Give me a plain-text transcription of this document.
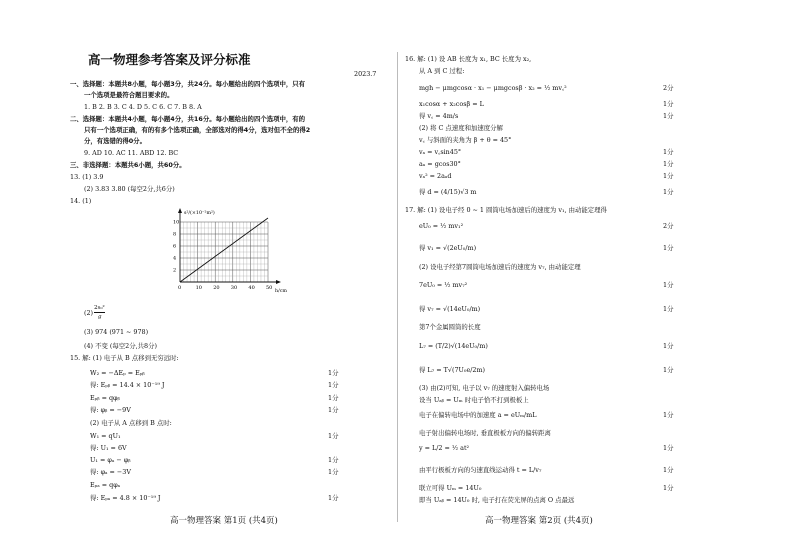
高一物理参考答案及评分标准
2023.7
一、选择题：本题共8小题，每小题3分，共24分。每小题给出的四个选项中，只有
一个选项是最符合题目要求的。
1. B 2. B 3. C 4. D 5. C 6. C 7. B 8. A
二、选择题：本题共4小题，每小题4分，共16分。每小题给出的四个选项中，有的
只有一个选项正确，有的有多个选项正确，全部选对的得4分，选对但不全的得2
分，有选错的得0分。
9. AD 10. AC 11. ABD 12. BC
三、非选择题：本题共6小题，共60分。
13. (1) 3.9
(2) 3.83 3.80 (每空2分,共6分)
14. (1)
(2)
2s₀²
g
(3) 974 (971 ~ 978)
(4) 不变 (每空2分,共8分)
15. 解: (1) 电子从 B 点移到无穷远时:
W₂ = −ΔEₚ = Eₚᵦ	1分
得: Eₚᵦ = 14.4 × 10⁻¹⁹ J	1分
Eₚᵦ = qφᵦ	1分
得: φᵦ = −9V	1分
(2) 电子从 A 点移到 B 点时:
W₁ = qU₁	1分
得: U₁ = 6V
U₁ = φₐ − φᵦ	1分
得: φₐ = −3V	1分
Eₚₐ = qφₐ
得: Eₚₐ = 4.8 × 10⁻¹⁹ J	1分
高一物理答案 第1页 (共4页)
s²/(×10⁻²m²)
h/cm
0	10 20 30 40 50
2
4
6
8
10
16. 解: (1) 设 AB 长度为 x₁, BC 长度为 x₂,
从 A 到 C 过程:
mgh − μmgcosα · x₁ − μmgcosβ · x₂ = ½ mv꜀²	2分
x₁cosα + x₂cosβ = L	1分
得 v꜀ = 4m/s	1分
(2) 将 C 点速度和加速度分解
v꜀ 与斜面的夹角为 β + θ = 45°
vₐ = v꜀sin45°	1分
aₐ = gcos30°	1分
vₐ² = 2aₐd	1分
得 d = (4/15)√3 m	1分
17. 解: (1) 设电子经 0 ~ 1 圆筒电场加速后的速度为 v₁, 由动能定理得
eU₀ = ½ mv₁²	2分
得 v₁ = √(2eU₀/m)	1分
(2) 设电子经第7圆筒电场加速后的速度为 v₇, 由动能定理
7eU₀ = ½ mv₇²	1分
得 v₇ = √(14eU₀/m)	1分
第7个金属圆筒的长度
L₇ = (T/2)√(14eU₀/m)	1分
得 L₇ = T√(7U₀e/2m)	1分
(3) 由(2)可知, 电子以 v₇ 的速度射入偏转电场
设当 Uₐᵦ = Uₘ 时电子恰不打到极板上
电子在偏转电场中的加速度 a = eUₘ/mL	1分
电子射出偏转电场时, 垂直极板方向的偏转距离
y = L/2 = ½ at²	1分
由平行极板方向的匀速直线运动得 t = L/v₇	1分
联立可得 Uₘ = 14U₀	1分
即当 Uₐᵦ = 14U₀ 时, 电子打在荧光屏的点离 O 点最远
高一物理答案 第2页 (共4页)
